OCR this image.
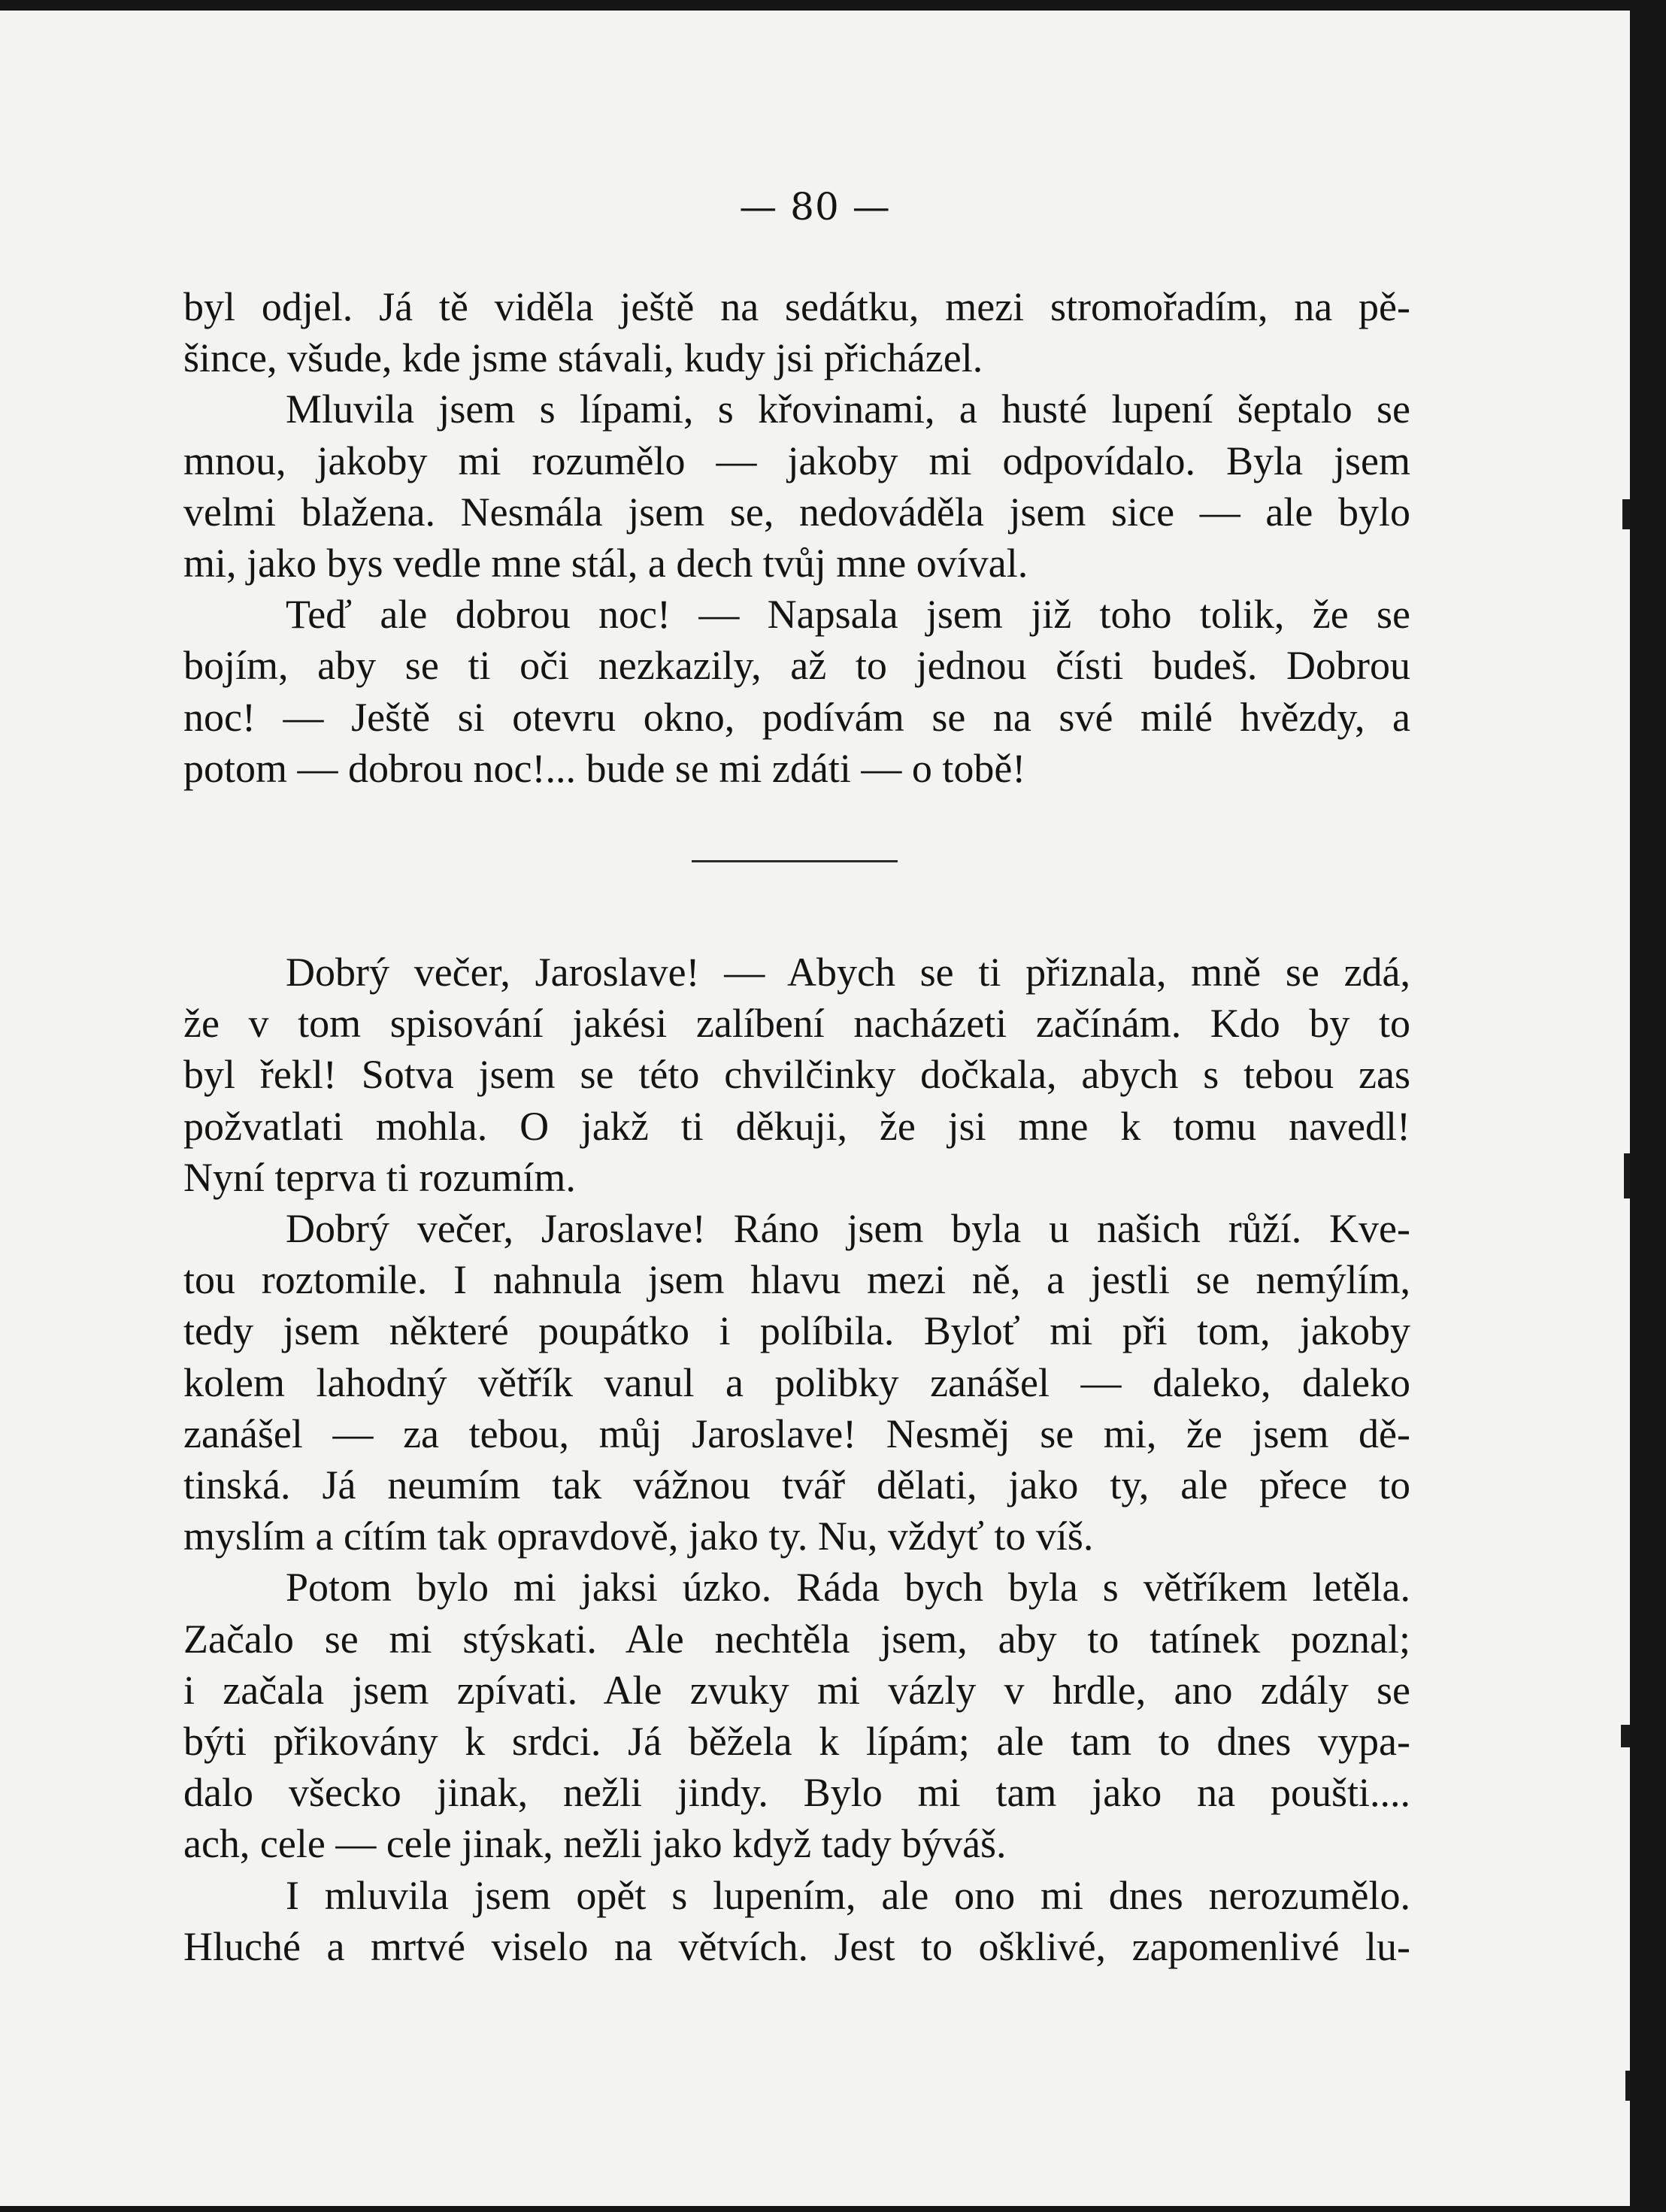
— 80 —
byl odjel. Já tě viděla ještě na sedátku, mezi stromořadím, na pě-
šince, všude, kde jsme stávali, kudy jsi přicházel.
Mluvila jsem s lípami, s křovinami, a husté lupení šeptalo se
mnou, jakoby mi rozumělo — jakoby mi odpovídalo. Byla jsem
velmi blažena. Nesmála jsem se, nedováděla jsem sice — ale bylo
mi, jako bys vedle mne stál, a dech tvůj mne ovíval.
Teď ale dobrou noc! — Napsala jsem již toho tolik, že se
bojím, aby se ti oči nezkazily, až to jednou čísti budeš. Dobrou
noc! — Ještě si otevru okno, podívám se na své milé hvězdy, a
potom — dobrou noc!... bude se mi zdáti — o tobě!
Dobrý večer, Jaroslave! — Abych se ti přiznala, mně se zdá,
že v tom spisování jakési zalíbení nacházeti začínám. Kdo by to
byl řekl! Sotva jsem se této chvilčinky dočkala, abych s tebou zas
požvatlati mohla. O jakž ti děkuji, že jsi mne k tomu navedl!
Nyní teprva ti rozumím.
Dobrý večer, Jaroslave! Ráno jsem byla u našich růží. Kve-
tou roztomile. I nahnula jsem hlavu mezi ně, a jestli se nemýlím,
tedy jsem některé poupátko i políbila. Byloť mi při tom, jakoby
kolem lahodný větřík vanul a polibky zanášel — daleko, daleko
zanášel — za tebou, můj Jaroslave! Nesměj se mi, že jsem dě-
tinská. Já neumím tak vážnou tvář dělati, jako ty, ale přece to
myslím a cítím tak opravdově, jako ty. Nu, vždyť to víš.
Potom bylo mi jaksi úzko. Ráda bych byla s větříkem letěla.
Začalo se mi stýskati. Ale nechtěla jsem, aby to tatínek poznal;
i začala jsem zpívati. Ale zvuky mi vázly v hrdle, ano zdály se
býti přikovány k srdci. Já běžela k lípám; ale tam to dnes vypa-
dalo všecko jinak, nežli jindy. Bylo mi tam jako na poušti....
ach, cele — cele jinak, nežli jako když tady býváš.
I mluvila jsem opět s lupením, ale ono mi dnes nerozumělo.
Hluché a mrtvé viselo na větvích. Jest to ošklivé, zapomenlivé lu-
